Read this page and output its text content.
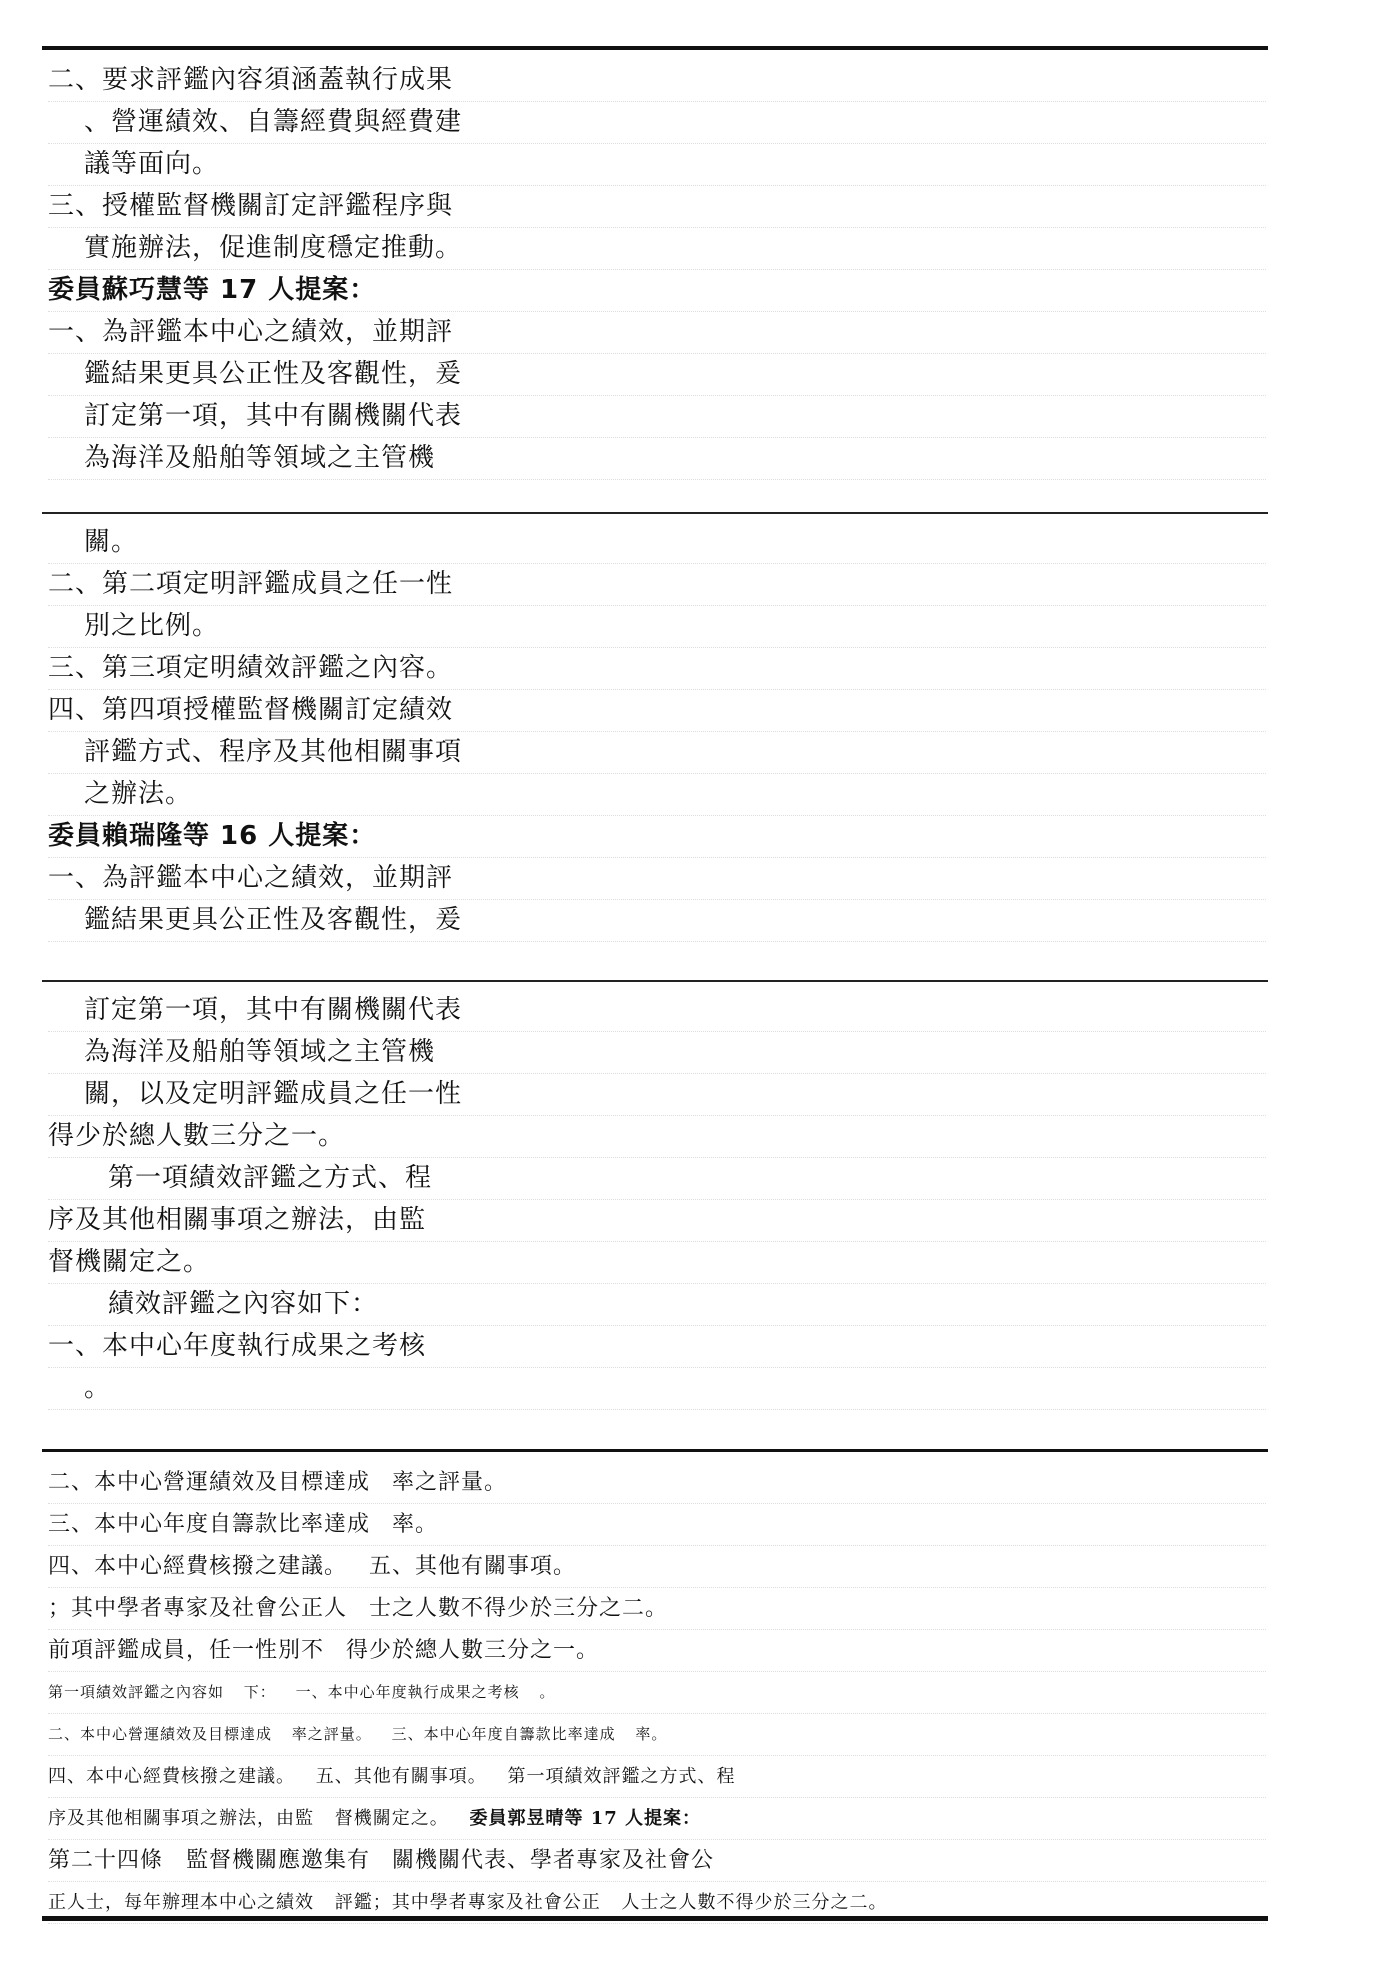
二、要求評鑑內容須涵蓋執行成果
、營運績效、自籌經費與經費建
議等面向。
三、授權監督機關訂定評鑑程序與
實施辦法，促進制度穩定推動。
委員蘇巧慧等 17 人提案：
一、為評鑑本中心之績效，並期評
鑑結果更具公正性及客觀性，爰
訂定第一項，其中有關機關代表
為海洋及船舶等領域之主管機
關。
二、第二項定明評鑑成員之任一性
別之比例。
三、第三項定明績效評鑑之內容。
四、第四項授權監督機關訂定績效
評鑑方式、程序及其他相關事項
之辦法。
委員賴瑞隆等 16 人提案：
一、為評鑑本中心之績效，並期評
鑑結果更具公正性及客觀性，爰
訂定第一項，其中有關機關代表
為海洋及船舶等領域之主管機
關，以及定明評鑑成員之任一性
得少於總人數三分之一。
第一項績效評鑑之方式、程
序及其他相關事項之辦法，由監
督機關定之。
績效評鑑之內容如下：
一、本中心年度執行成果之考核
。
二、本中心營運績效及目標達成 率之評量。
三、本中心年度自籌款比率達成 率。
四、本中心經費核撥之建議。 五、其他有關事項。
；其中學者專家及社會公正人 士之人數不得少於三分之二。
前項評鑑成員，任一性別不 得少於總人數三分之一。
第一項績效評鑑之內容如 下： 一、本中心年度執行成果之考核 。
二、本中心營運績效及目標達成 率之評量。 三、本中心年度自籌款比率達成 率。
四、本中心經費核撥之建議。 五、其他有關事項。 第一項績效評鑑之方式、程
序及其他相關事項之辦法，由監 督機關定之。 委員郭昱晴等 17 人提案：
第二十四條　監督機關應邀集有 關機關代表、學者專家及社會公
正人士，每年辦理本中心之績效 評鑑；其中學者專家及社會公正 人士之人數不得少於三分之二。
